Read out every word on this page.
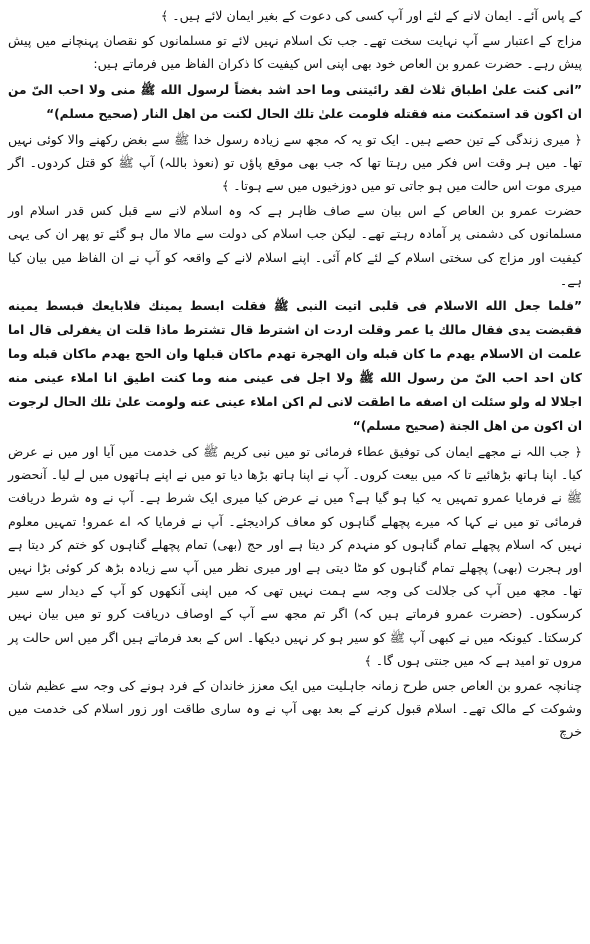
کے پاس آئے۔ ایمان لانے کے لئے اور آپ کسی کی دعوت کے بغیر ایمان لائے ہیں۔ ﴾

مزاج کے اعتبار سے آپ نہایت سخت تھے۔ جب تک اسلام نہیں لائے تو مسلمانوں کو نقصان پہنچانے میں پیش پیش رہے۔ حضرت عمرو بن العاص خود بھی اپنی اس کیفیت کا ذکران الفاظ میں فرماتے ہیں:

”انی کنت علیٰ اطباق ثلاث لقد رائیتنی وما احد اشد بغضاً لرسول الله ﷺ منی ولا احب الیّ من ان اکون قد استمکنت منه فقتله فلومت علیٰ تلك الحال لکنت من اهل النار (صحیح مسلم)“

﴿ میری زندگی کے تین حصے ہیں۔ ایک تو یہ کہ مجھ سے زیادہ رسول خدا ﷺ سے بغض رکھنے والا کوئی نہیں تھا۔ میں ہر وقت اس فکر میں رہتا تھا کہ جب بھی موقع پاؤں تو (نعوذ باللہ) آپ ﷺ کو قتل کردوں۔ اگر میری موت اس حالت میں ہو جاتی تو میں دوزخیوں میں سے ہوتا۔ ﴾

حضرت عمرو بن العاص کے اس بیان سے صاف ظاہر ہے کہ وہ اسلام لانے سے قبل کس قدر اسلام اور مسلمانوں کی دشمنی پر آمادہ رہتے تھے۔ لیکن جب اسلام کی دولت سے مالا مال ہو گئے تو پھر ان کی یہی کیفیت اور مزاج کی سختی اسلام کے لئے کام آئی۔ اپنے اسلام لانے کے واقعہ کو آپ نے ان الفاظ میں بیان کیا ہے۔

”فلما جعل الله الاسلام فی قلبی اتیت النبی ﷺ فقلت ابسط یمینك فلابایعك فبسط یمینه فقبضت یدی فقال مالك یا عمر وقلت اردت ان اشترط قال تشترط ماذا قلت ان یغفرلی قال اما علمت ان الاسلام یهدم ما کان قبله وان الهجرة تهدم ماکان قبلها وان الحج یهدم ماکان قبله وما کان احد احب الیّ من رسول الله ﷺ ولا اجل فی عینی منه وما کنت اطیق انا املاء عینی منه اجلالا له ولو سئلت ان اصفه ما اطقت لانی لم اکن املاء عینی عنه ولومت علیٰ تلك الحال لرجوت ان اکون من اهل الجنة (صحیح مسلم)“

﴿ جب اللہ نے مجھے ایمان کی توفیق عطاء فرمائی تو میں نبی کریم ﷺ کی خدمت میں آیا اور میں نے عرض کیا۔ اپنا ہاتھ بڑھائیے تا کہ میں بیعت کروں۔ آپ نے اپنا ہاتھ بڑھا دیا تو میں نے اپنے ہاتھوں میں لے لیا۔ آنحضور ﷺ نے فرمایا عمرو تمہیں یہ کیا ہو گیا ہے؟ میں نے عرض کیا میری ایک شرط ہے۔ آپ نے وہ شرط دریافت فرمائی تو میں نے کہا کہ میرے پچھلے گناہوں کو معاف کرادیجئے۔ آپ نے فرمایا کہ اے عمرو! تمہیں معلوم نہیں کہ اسلام پچھلے تمام گناہوں کو منہدم کر دیتا ہے اور حج (بھی) تمام پچھلے گناہوں کو ختم کر دیتا ہے اور ہجرت (بھی) پچھلے تمام گناہوں کو مٹا دیتی ہے اور میری نظر میں آپ سے زیادہ بڑھ کر کوئی بڑا نہیں تھا۔ مجھ میں آپ کی جلالت کی وجہ سے ہمت نہیں تھی کہ میں اپنی آنکھوں کو آپ کے دیدار سے سیر کرسکوں۔ (حضرت عمرو فرماتے ہیں کہ) اگر تم مجھ سے آپ کے اوصاف دریافت کرو تو میں بیان نہیں کرسکتا۔ کیونکہ میں نے کبھی آپ ﷺ کو سیر ہو کر نہیں دیکھا۔ اس کے بعد فرماتے ہیں اگر میں اس حالت پر مروں تو امید ہے کہ میں جنتی ہوں گا۔ ﴾

چنانچہ عمرو بن العاص جس طرح زمانہ جاہلیت میں ایک معزز خاندان کے فرد ہونے کی وجہ سے عظیم شان وشوکت کے مالک تھے۔ اسلام قبول کرنے کے بعد بھی آپ نے وہ ساری طاقت اور زور اسلام کی خدمت میں خرچ
